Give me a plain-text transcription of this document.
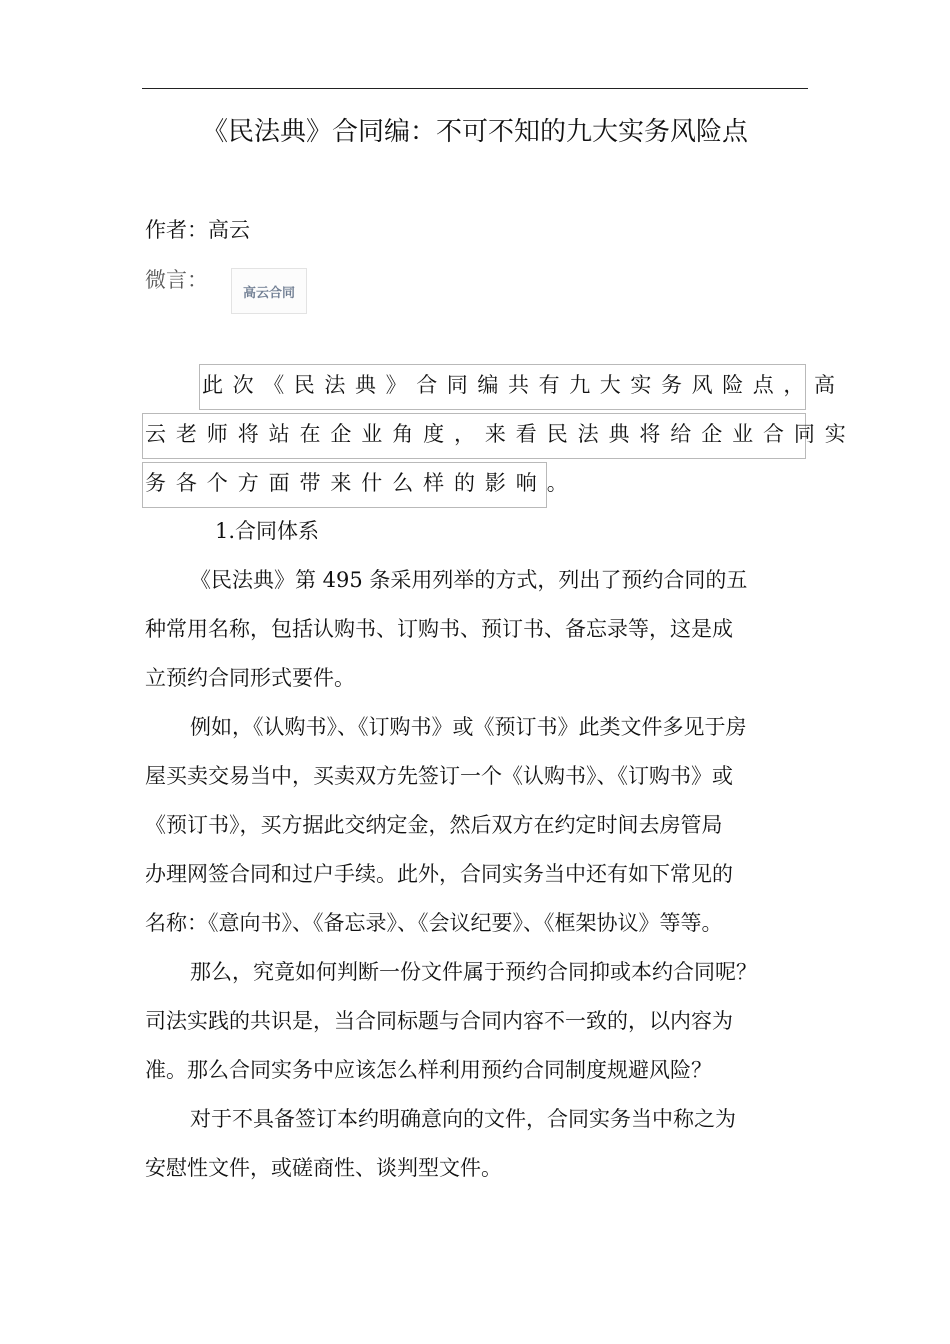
《民法典》合同编：不可不知的九大实务风险点
作者：高云
微言：
高云合同
此次《民法典》合同编共有九大实务风险点，高
云老师将站在企业角度，来看民法典将给企业合同实
务各个方面带来什么样的影响。
1.合同体系
《民法典》第 495 条采用列举的方式，列出了预约合同的五
种常用名称，包括认购书、订购书、预订书、备忘录等，这是成
立预约合同形式要件。
例如，《认购书》、《订购书》或《预订书》此类文件多见于房
屋买卖交易当中，买卖双方先签订一个《认购书》、《订购书》或
《预订书》，买方据此交纳定金，然后双方在约定时间去房管局
办理网签合同和过户手续。此外，合同实务当中还有如下常见的
名称：《意向书》、《备忘录》、《会议纪要》、《框架协议》等等。
那么，究竟如何判断一份文件属于预约合同抑或本约合同呢？
司法实践的共识是，当合同标题与合同内容不一致的，以内容为
准。那么合同实务中应该怎么样利用预约合同制度规避风险？
对于不具备签订本约明确意向的文件，合同实务当中称之为
安慰性文件，或磋商性、谈判型文件。
